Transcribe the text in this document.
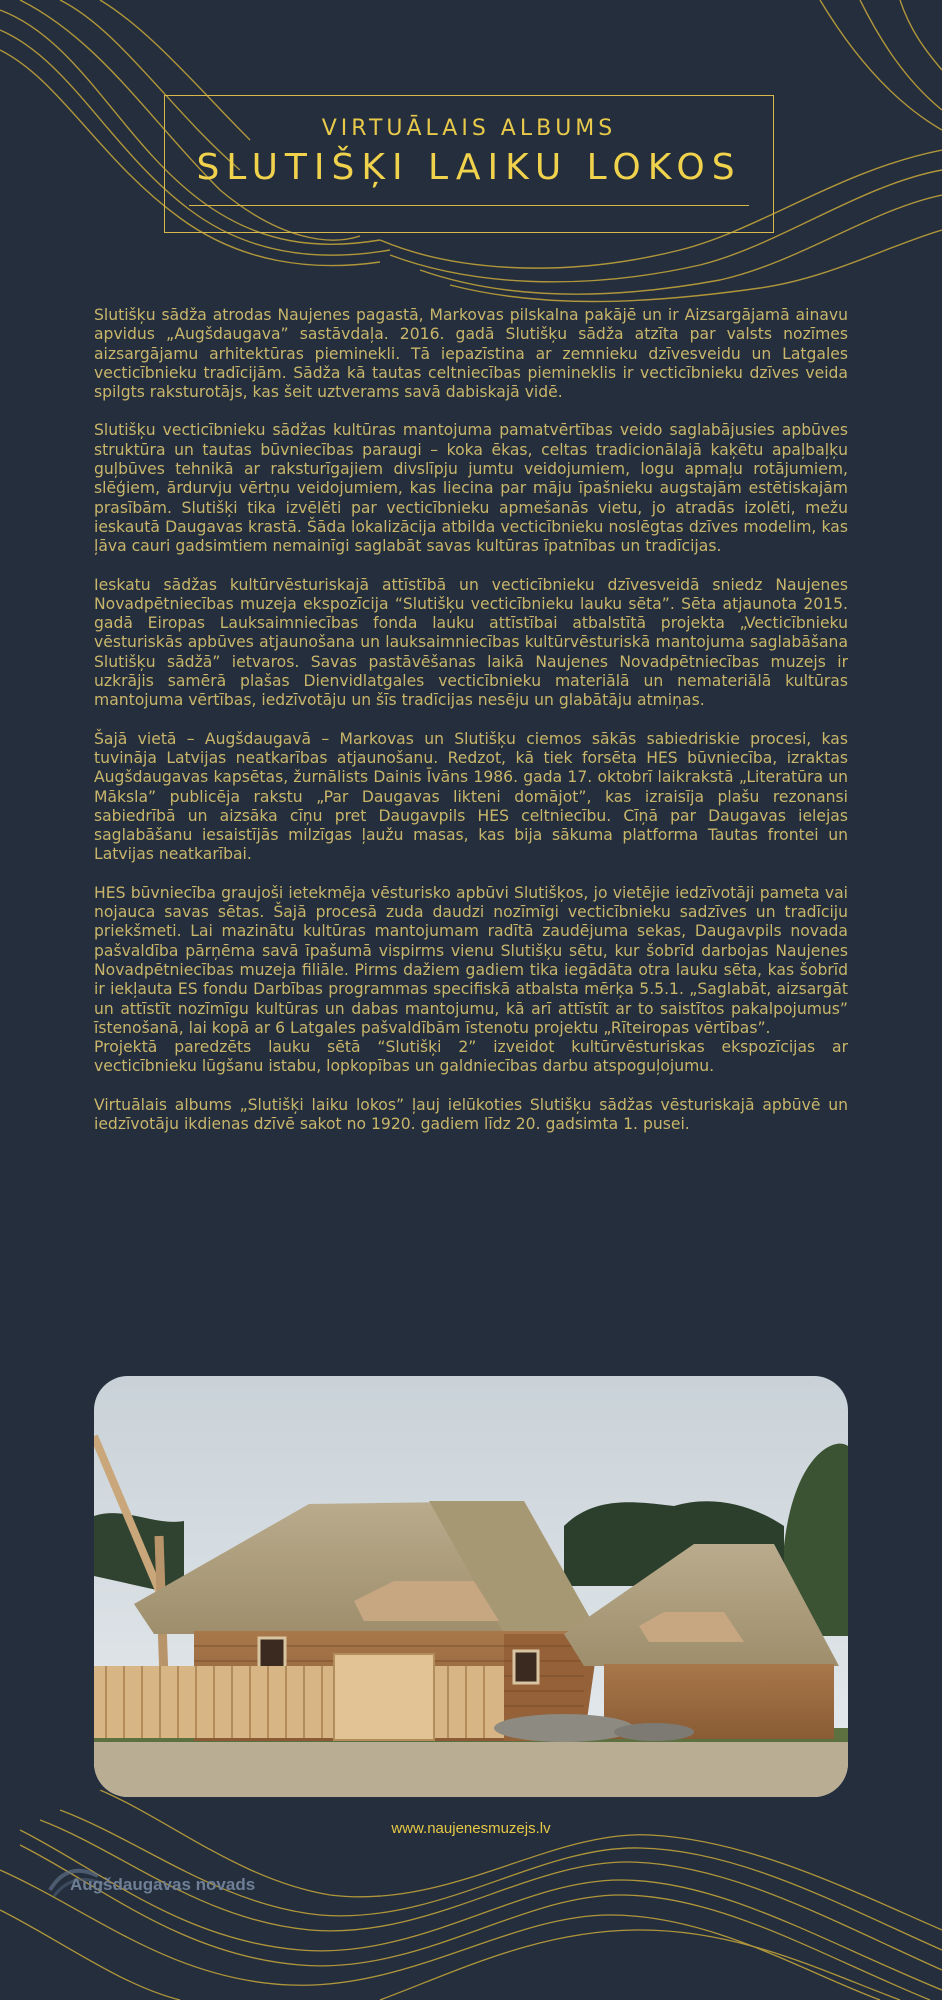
VIRTUĀLAIS ALBUMS
SLUTIŠĶI LAIKU LOKOS

Slutišķu sādža atrodas Naujenes pagastā, Markovas pilskalna pakājē un ir Aizsargājamā ainavu apvidus „Augšdaugava” sastāvdaļa. 2016. gadā Slutišķu sādža atzīta par valsts nozīmes aizsargājamu arhitektūras pieminekli. Tā iepazīstina ar zemnieku dzīvesveidu un Latgales vecticībnieku tradīcijām. Sādža kā tautas celtniecības piemineklis ir vecticībnieku dzīves veida spilgts raksturotājs, kas šeit uztverams savā dabiskajā vidē.

Slutišķu vecticībnieku sādžas kultūras mantojuma pamatvērtības veido saglabājusies apbūves struktūra un tautas būvniecības paraugi – koka ēkas, celtas tradicionālajā kaķētu apaļbaļķu guļbūves tehnikā ar raksturīgajiem divslīpju jumtu veidojumiem, logu apmaļu rotājumiem, slēģiem, ārdurvju vērtņu veidojumiem, kas liecina par māju īpašnieku augstajām estētiskajām prasībām. Slutišķi tika izvēlēti par vecticībnieku apmešanās vietu, jo atradās izolēti, mežu ieskautā Daugavas krastā. Šāda lokalizācija atbilda vecticībnieku noslēgtas dzīves modelim, kas ļāva cauri gadsimtiem nemainīgi saglabāt savas kultūras īpatnības un tradīcijas.

Ieskatu sādžas kultūrvēsturiskajā attīstībā un vecticībnieku dzīvesveidā sniedz Naujenes Novadpētniecības muzeja ekspozīcija “Slutišķu vecticībnieku lauku sēta”. Sēta atjaunota 2015. gadā Eiropas Lauksaimniecības fonda lauku attīstībai atbalstītā projekta „Vecticībnieku vēsturiskās apbūves atjaunošana un lauksaimniecības kultūrvēsturiskā mantojuma saglabāšana Slutišķu sādžā” ietvaros. Savas pastāvēšanas laikā Naujenes Novadpētniecības muzejs ir uzkrājis samērā plašas Dienvidlatgales vecticībnieku materiālā un nemateriālā kultūras mantojuma vērtības, iedzīvotāju un šīs tradīcijas nesēju un glabātāju atmiņas.

Šajā vietā – Augšdaugavā – Markovas un Slutišķu ciemos sākās sabiedriskie procesi, kas tuvināja Latvijas neatkarības atjaunošanu. Redzot, kā tiek forsēta HES būvniecība, izraktas Augšdaugavas kapsētas, žurnālists Dainis Īvāns 1986. gada 17. oktobrī laikrakstā „Literatūra un Māksla” publicēja rakstu „Par Daugavas likteni domājot”, kas izraisīja plašu rezonansi sabiedrībā un aizsāka cīņu pret Daugavpils HES celtniecību. Cīņā par Daugavas ielejas saglabāšanu iesaistījās milzīgas ļaužu masas, kas bija sākuma platforma Tautas frontei un Latvijas neatkarībai.

HES būvniecība graujoši ietekmēja vēsturisko apbūvi Slutišķos, jo vietējie iedzīvotāji pameta vai nojauca savas sētas. Šajā procesā zuda daudzi nozīmīgi vecticībnieku sadzīves un tradīciju priekšmeti. Lai mazinātu kultūras mantojumam radītā zaudējuma sekas, Daugavpils novada pašvaldība pārņēma savā īpašumā vispirms vienu Slutišķu sētu, kur šobrīd darbojas Naujenes Novadpētniecības muzeja filiāle. Pirms dažiem gadiem tika iegādāta otra lauku sēta, kas šobrīd ir iekļauta ES fondu Darbības programmas specifiskā atbalsta mērķa 5.5.1. „Saglabāt, aizsargāt un attīstīt nozīmīgu kultūras un dabas mantojumu, kā arī attīstīt ar to saistītos pakalpojumus” īstenošanā, lai kopā ar 6 Latgales pašvaldībām īstenotu projektu „Rīteiropas vērtības”.

Projektā paredzēts lauku sētā “Slutišķi 2” izveidot kultūrvēsturiskas ekspozīcijas ar vecticībnieku lūgšanu istabu, lopkopības un galdniecības darbu atspoguļojumu.

Virtuālais albums „Slutišķi laiku lokos” ļauj ielūkoties Slutišķu sādžas vēsturiskajā apbūvē un iedzīvotāju ikdienas dzīvē sakot no 1920. gadiem līdz 20. gadsimta 1. pusei.

www.naujenesmuzejs.lv
Augšdaugavas novads
